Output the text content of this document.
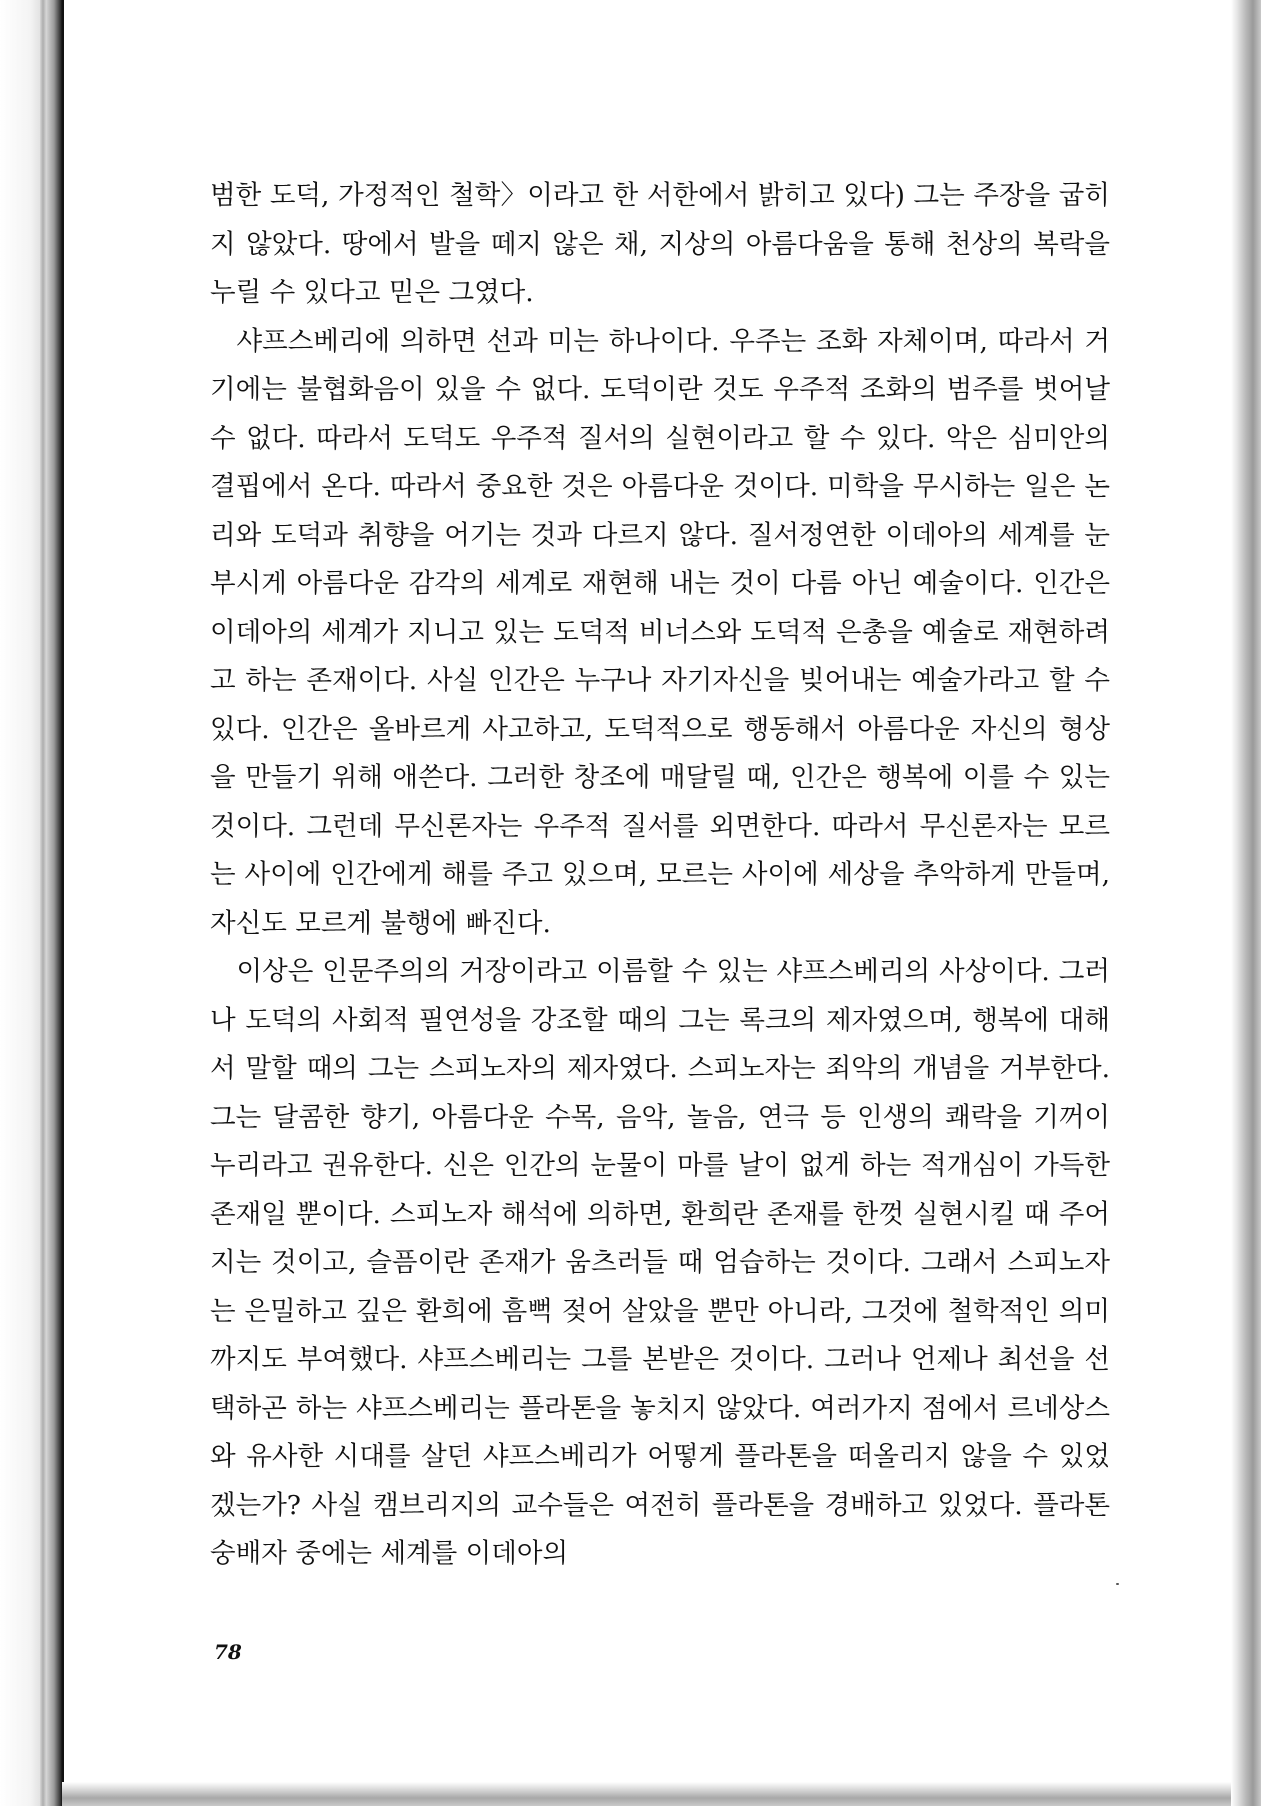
범한 도덕, 가정적인 철학〉이라고 한 서한에서 밝히고 있다) 그는 주장을 굽히지 않았다. 땅에서 발을 떼지 않은 채, 지상의 아름다움을 통해 천상의 복락을 누릴 수 있다고 믿은 그였다.

샤프스베리에 의하면 선과 미는 하나이다. 우주는 조화 자체이며, 따라서 거기에는 불협화음이 있을 수 없다. 도덕이란 것도 우주적 조화의 범주를 벗어날 수 없다. 따라서 도덕도 우주적 질서의 실현이라고 할 수 있다. 악은 심미안의 결핍에서 온다. 따라서 중요한 것은 아름다운 것이다. 미학을 무시하는 일은 논리와 도덕과 취향을 어기는 것과 다르지 않다. 질서정연한 이데아의 세계를 눈부시게 아름다운 감각의 세계로 재현해 내는 것이 다름 아닌 예술이다. 인간은 이데아의 세계가 지니고 있는 도덕적 비너스와 도덕적 은총을 예술로 재현하려고 하는 존재이다. 사실 인간은 누구나 자기자신을 빚어내는 예술가라고 할 수 있다. 인간은 올바르게 사고하고, 도덕적으로 행동해서 아름다운 자신의 형상을 만들기 위해 애쓴다. 그러한 창조에 매달릴 때, 인간은 행복에 이를 수 있는 것이다. 그런데 무신론자는 우주적 질서를 외면한다. 따라서 무신론자는 모르는 사이에 인간에게 해를 주고 있으며, 모르는 사이에 세상을 추악하게 만들며, 자신도 모르게 불행에 빠진다.

이상은 인문주의의 거장이라고 이름할 수 있는 샤프스베리의 사상이다. 그러나 도덕의 사회적 필연성을 강조할 때의 그는 록크의 제자였으며, 행복에 대해서 말할 때의 그는 스피노자의 제자였다. 스피노자는 죄악의 개념을 거부한다. 그는 달콤한 향기, 아름다운 수목, 음악, 놀음, 연극 등 인생의 쾌락을 기꺼이 누리라고 권유한다. 신은 인간의 눈물이 마를 날이 없게 하는 적개심이 가득한 존재일 뿐이다. 스피노자 해석에 의하면, 환희란 존재를 한껏 실현시킬 때 주어지는 것이고, 슬픔이란 존재가 움츠러들 때 엄습하는 것이다. 그래서 스피노자는 은밀하고 깊은 환희에 흠뻑 젖어 살았을 뿐만 아니라, 그것에 철학적인 의미까지도 부여했다. 샤프스베리는 그를 본받은 것이다. 그러나 언제나 최선을 선택하곤 하는 샤프스베리는 플라톤을 놓치지 않았다. 여러가지 점에서 르네상스와 유사한 시대를 살던 샤프스베리가 어떻게 플라톤을 떠올리지 않을 수 있었겠는가? 사실 캠브리지의 교수들은 여전히 플라톤을 경배하고 있었다. 플라톤 숭배자 중에는 세계를 이데아의

78
